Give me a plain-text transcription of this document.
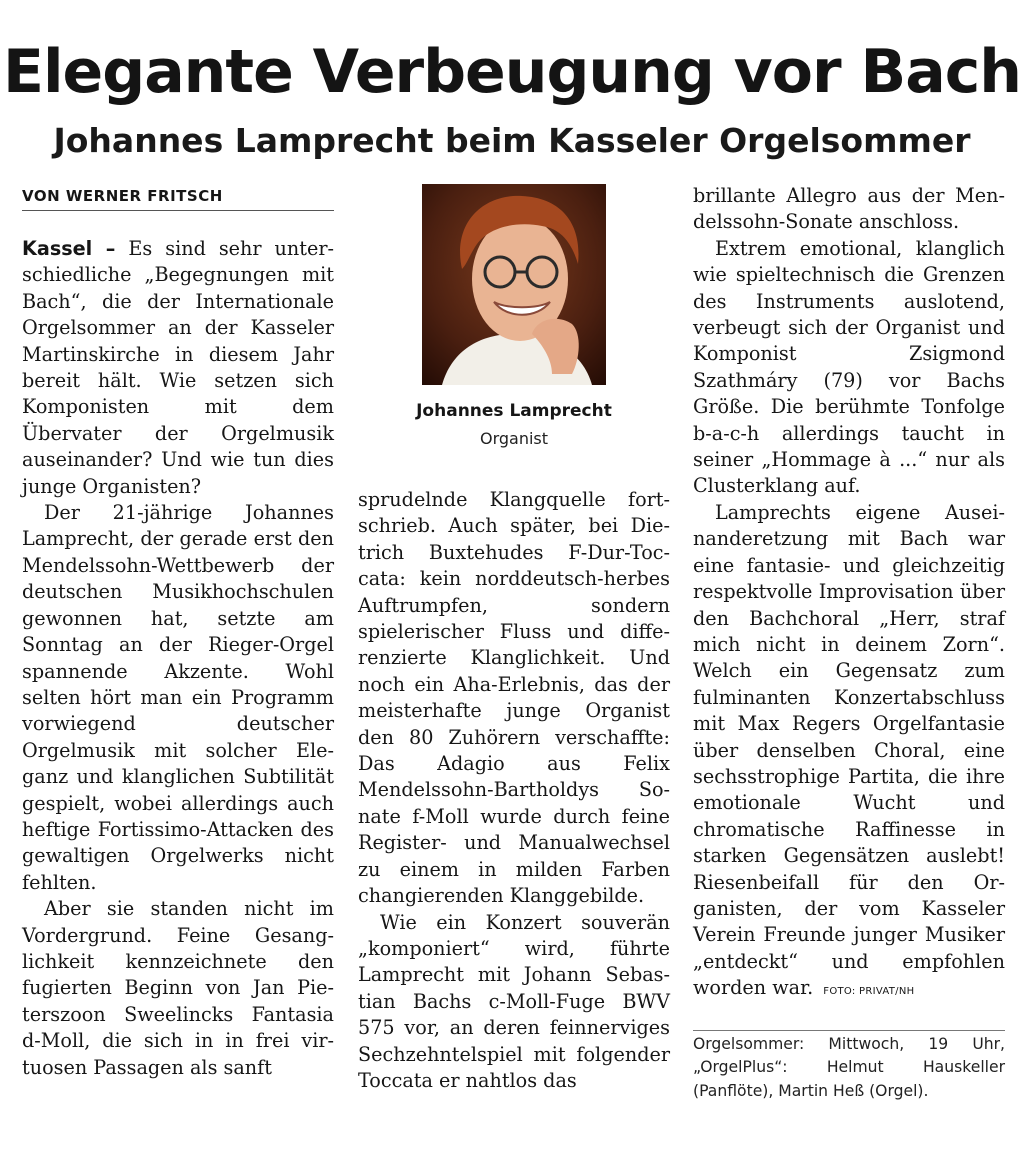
Elegante Verbeugung vor Bach
Johannes Lamprecht beim Kasseler Orgelsommer
VON WERNER FRITSCH

Kassel – Es sind sehr unterschiedliche „Begegnungen mit Bach“, die der Internationale Orgelsommer an der Kasseler Martinskirche in diesem Jahr bereit hält. Wie setzen sich Komponisten mit dem Übervater der Orgelmusik auseinander? Und wie tun dies junge Organisten?

Der 21-jährige Johannes Lamprecht, der gerade erst den Mendelssohn-Wettbewerb der deutschen Musikhochschulen gewonnen hat, setzte am Sonntag an der Rieger-Orgel spannende Akzente. Wohl selten hört man ein Programm vorwiegend deutscher Orgelmusik mit solcher Eleganz und klanglichen Subtilität gespielt, wobei allerdings auch heftige Fortissimo-Attacken des gewaltigen Orgelwerks nicht fehlten.

Aber sie standen nicht im Vordergrund. Feine Gesanglichkeit kennzeichnete den fugierten Beginn von Jan Pieterszoon Sweelincks Fantasia d-Moll, die sich in in frei virtuosen Passagen als sanft

Johannes Lamprecht
Organist

sprudelnde Klangquelle fortschrieb. Auch später, bei Dietrich Buxtehudes F-Dur-Toccata: kein norddeutsch-herbes Auftrumpfen, sondern spielerischer Fluss und differenzierte Klanglichkeit. Und noch ein Aha-Erlebnis, das der meisterhafte junge Organist den 80 Zuhörern verschaffte: Das Adagio aus Felix Mendelssohn-Bartholdys Sonate f-Moll wurde durch feine Register- und Manualwechsel zu einem in milden Farben changierenden Klanggebilde.

Wie ein Konzert souverän „komponiert“ wird, führte Lamprecht mit Johann Sebastian Bachs c-Moll-Fuge BWV 575 vor, an deren feinnerviges Sechzehntelspiel mit folgender Toccata er nahtlos das

brillante Allegro aus der Mendelssohn-Sonate anschloss.

Extrem emotional, klanglich wie spieltechnisch die Grenzen des Instruments auslotend, verbeugt sich der Organist und Komponist Zsigmond Szathmáry (79) vor Bachs Größe. Die berühmte Tonfolge b-a-c-h allerdings taucht in seiner „Hommage à ...“ nur als Clusterklang auf.

Lamprechts eigene Auseinanderetzung mit Bach war eine fantasie- und gleichzeitig respektvolle Improvisation über den Bachchoral „Herr, straf mich nicht in deinem Zorn“. Welch ein Gegensatz zum fulminanten Konzertabschluss mit Max Regers Orgelfantasie über denselben Choral, eine sechsstrophige Partita, die ihre emotionale Wucht und chromatische Raffinesse in starken Gegensätzen auslebt! Riesenbeifall für den Organisten, der vom Kasseler Verein Freunde junger Musiker „entdeckt“ und empfohlen worden war. FOTO: PRIVAT/NH

Orgelsommer: Mittwoch, 19 Uhr, „OrgelPlus“: Helmut Hauskeller (Panflöte), Martin Heß (Orgel).
